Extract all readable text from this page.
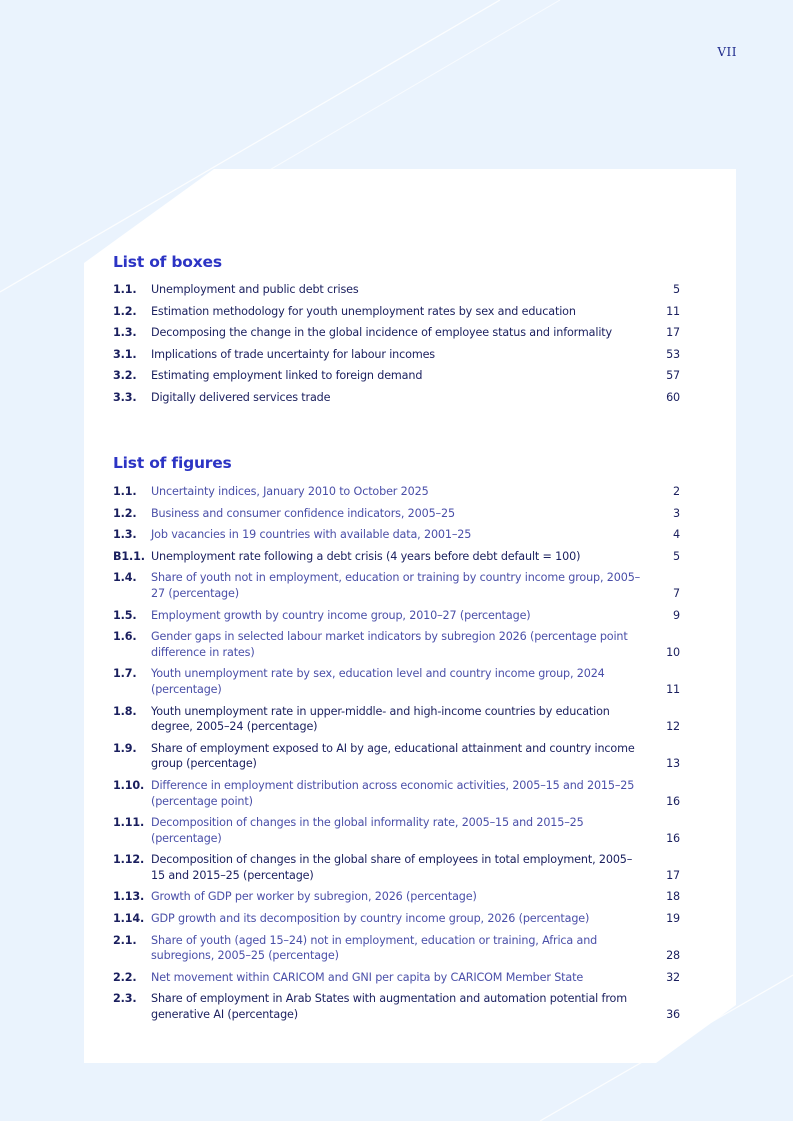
VII
List of boxes
1.1.	Unemployment and public debt crises	5
1.2.	Estimation methodology for youth unemployment rates by sex and education	11
1.3.	Decomposing the change in the global incidence of employee status and informality	17
3.1.	Implications of trade uncertainty for labour incomes	53
3.2.	Estimating employment linked to foreign demand	57
3.3.	Digitally delivered services trade	60
List of figures
1.1.	Uncertainty indices, January 2010 to October 2025	2
1.2.	Business and consumer confidence indicators, 2005–25	3
1.3.	Job vacancies in 19 countries with available data, 2001–25	4
B1.1. Unemployment rate following a debt crisis (4 years before debt default = 100)	5
1.4.	Share of youth not in employment, education or training by country income group, 2005–27 (percentage)	7
1.5.	Employment growth by country income group, 2010–27 (percentage)	9
1.6.	Gender gaps in selected labour market indicators by subregion 2026 (percentage point difference in rates)	10
1.7.	Youth unemployment rate by sex, education level and country income group, 2024 (percentage)	11
1.8.	Youth unemployment rate in upper-middle- and high-income countries by education degree, 2005–24 (percentage)	12
1.9.	Share of employment exposed to AI by age, educational attainment and country income group (percentage)	13
1.10. Difference in employment distribution across economic activities, 2005–15 and 2015–25 (percentage point)	16
1.11. Decomposition of changes in the global informality rate, 2005–15 and 2015–25 (percentage)	16
1.12. Decomposition of changes in the global share of employees in total employment, 2005–15 and 2015–25 (percentage)	17
1.13. Growth of GDP per worker by subregion, 2026 (percentage)	18
1.14. GDP growth and its decomposition by country income group, 2026 (percentage)	19
2.1.	Share of youth (aged 15–24) not in employment, education or training, Africa and subregions, 2005–25 (percentage)	28
2.2.	Net movement within CARICOM and GNI per capita by CARICOM Member State	32
2.3.	Share of employment in Arab States with augmentation and automation potential from generative AI (percentage)	36
